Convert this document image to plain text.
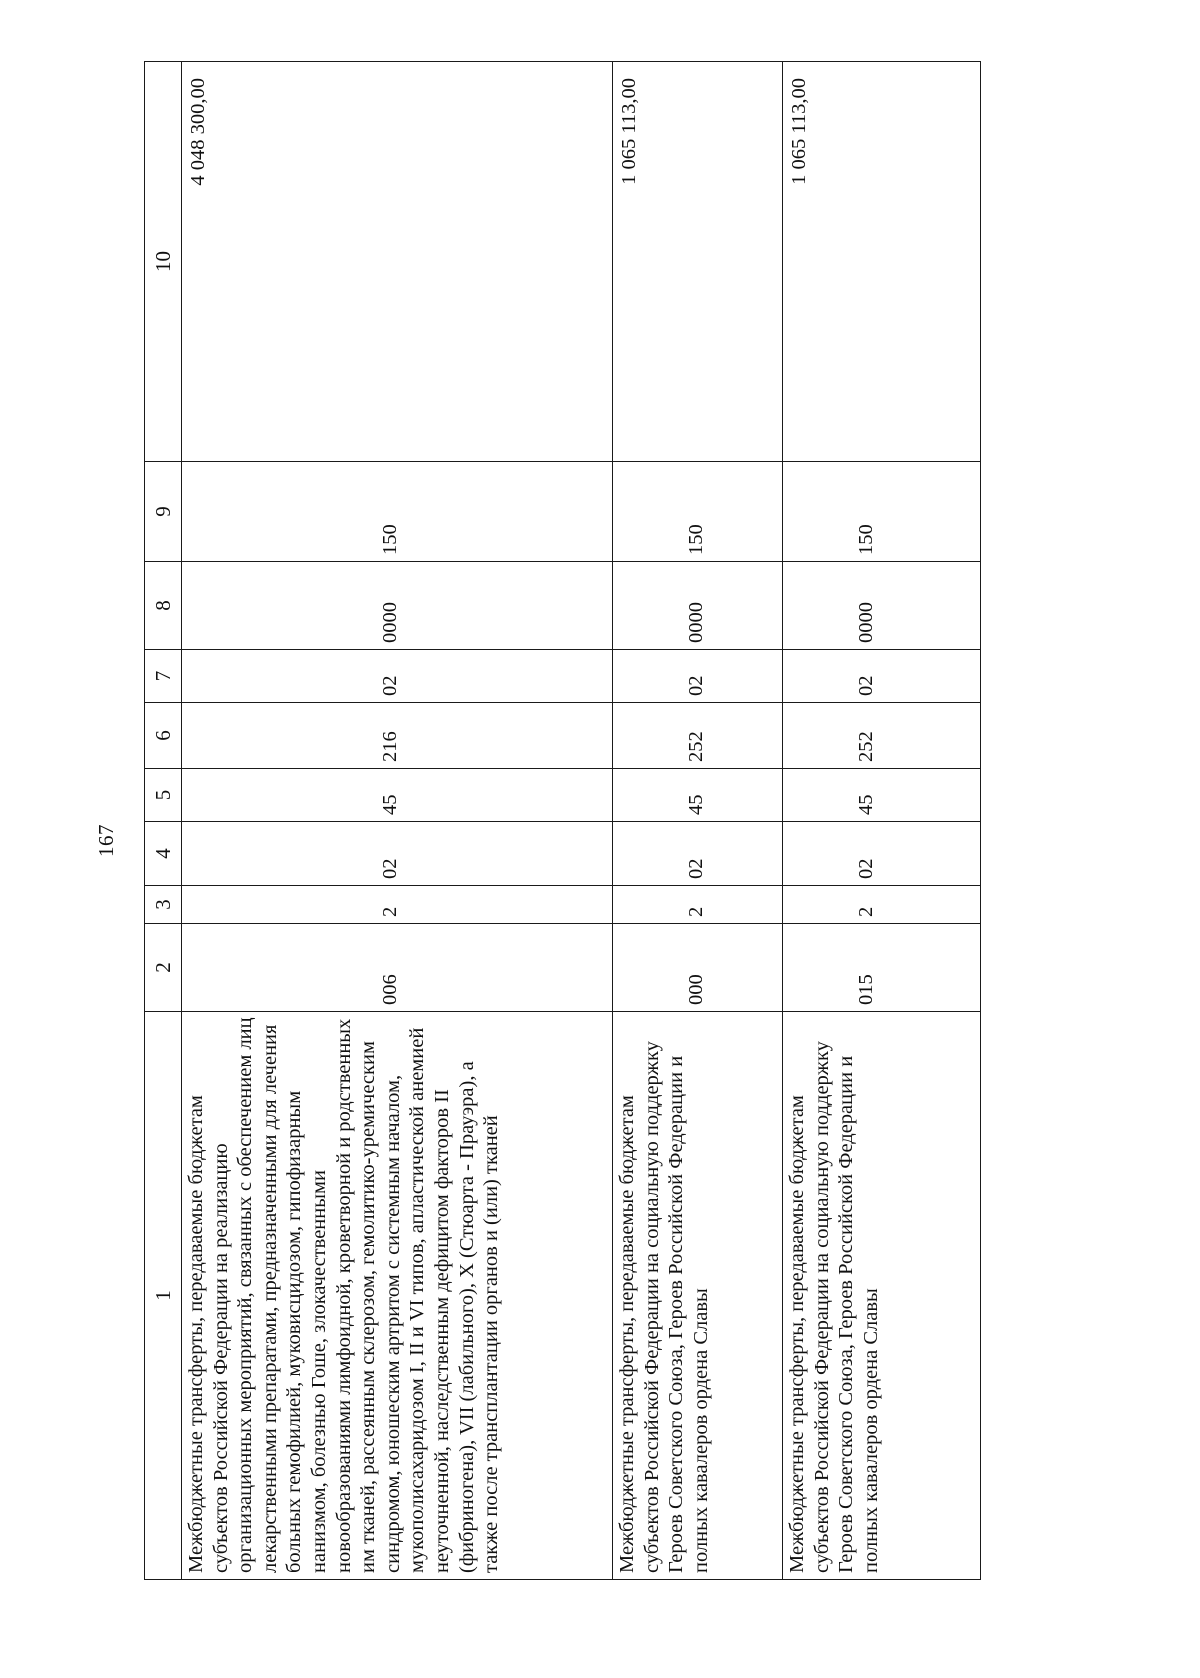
167
1	2	3	4	5	6	7	8	9	10
Межбюджетные трансферты, передаваемые бюджетам субъектов Российской Федерации на реализацию организационных мероприятий, связанных с обеспечением лиц лекарственными препаратами, предназначенными для лечения больных гемофилией, муковисцидозом, гипофизарным нанизмом, болезнью Гоше, злокачественными новообразованиями лимфоидной, кроветворной и родственных им тканей, рассеянным склерозом, гемолитико-уремическим синдромом, юношеским артритом с системным началом, мукополисахаридозом I, II и VI типов, апластической анемией неуточненной, наследственным дефицитом факторов II (фибриногена), VII (лабильного), X (Стюарта - Прауэра), а также после трансплантации органов и (или) тканей	006	2	02	45	216	02	0000	150	4 048 300,00
Межбюджетные трансферты, передаваемые бюджетам субъектов Российской Федерации на социальную поддержку Героев Советского Союза, Героев Российской Федерации и полных кавалеров ордена Славы	000	2	02	45	252	02	0000	150	1 065 113,00
Межбюджетные трансферты, передаваемые бюджетам субъектов Российской Федерации на социальную поддержку Героев Советского Союза, Героев Российской Федерации и полных кавалеров ордена Славы	015	2	02	45	252	02	0000	150	1 065 113,00
